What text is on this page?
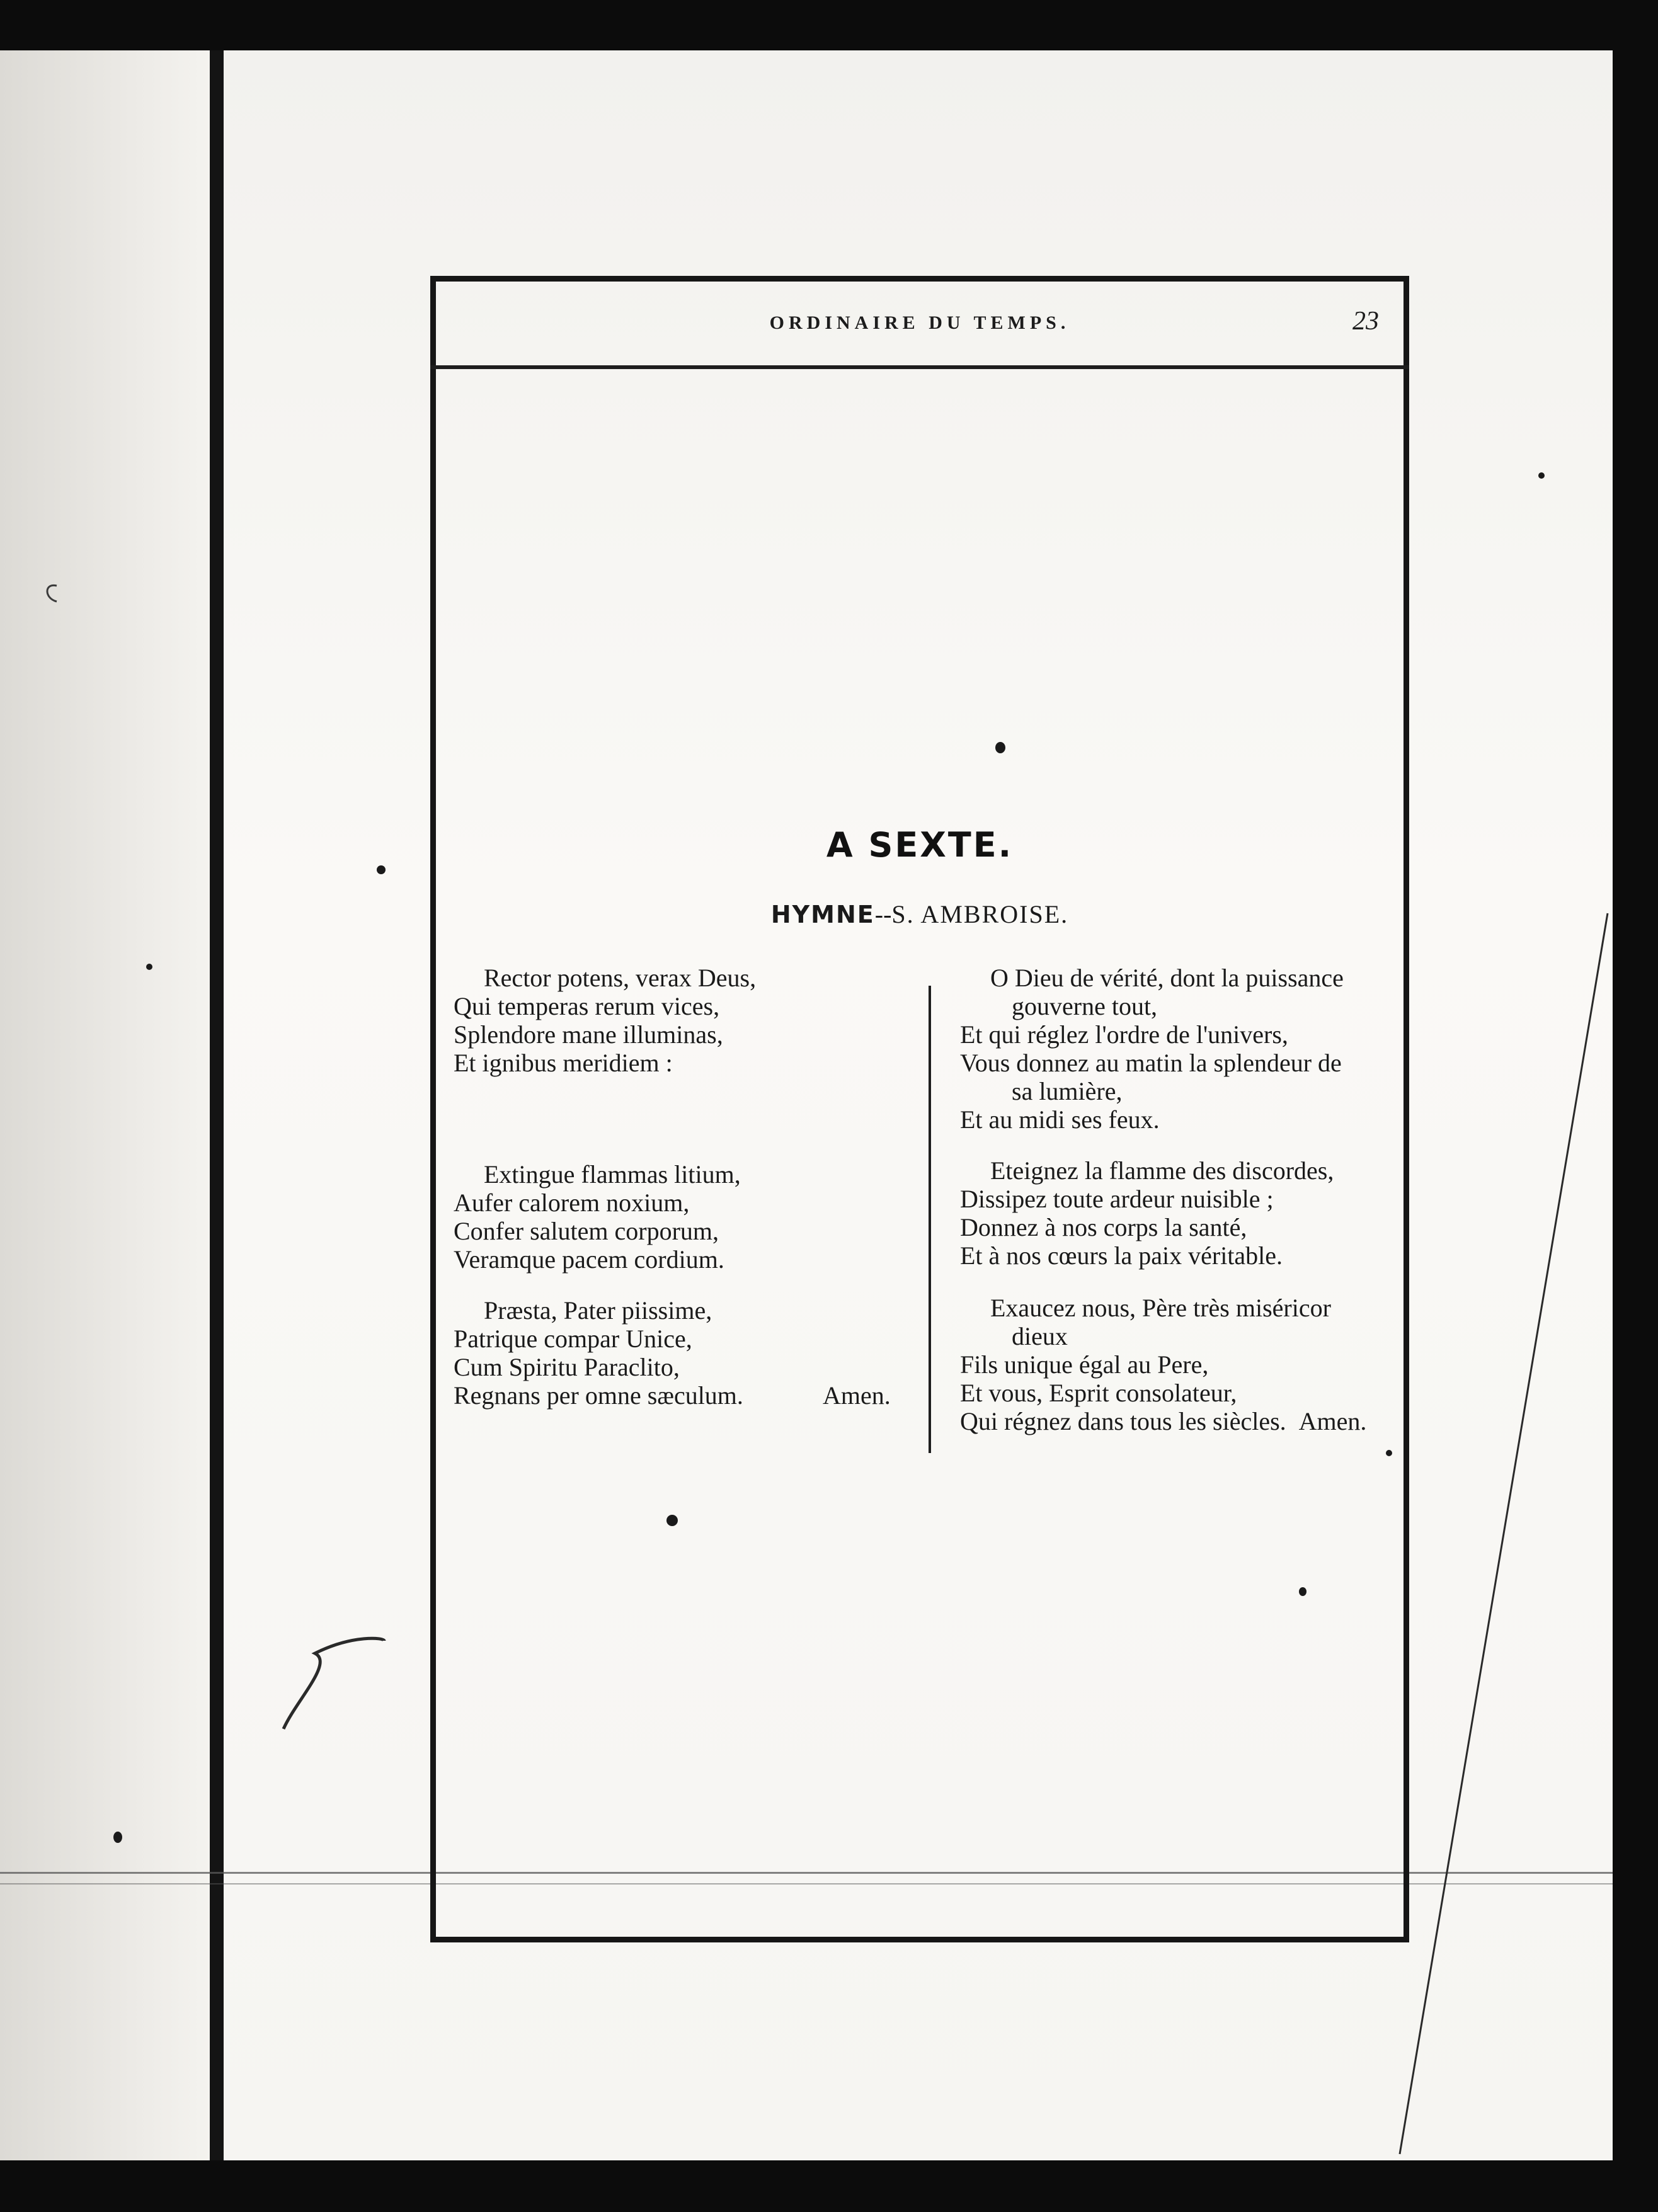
ORDINAIRE DU TEMPS.	23
A SEXTE.
HYMNE--S. AMBROISE.
Rector potens, verax Deus,
Qui temperas rerum vices,
Splendore mane illuminas,
Et ignibus meridiem :
Extingue flammas litium,
Aufer calorem noxium,
Confer salutem corporum,
Veramque pacem cordium.
Præsta, Pater piissime,
Patrique compar Unice,
Cum Spiritu Paraclito,
Regnans per omne sæculum.	Amen.
O Dieu de vérité, dont la puissance
gouverne tout,
Et qui réglez l'ordre de l'univers,
Vous donnez au matin la splendeur de
sa lumière,
Et au midi ses feux.
Eteignez la flamme des discordes,
Dissipez toute ardeur nuisible ;
Donnez à nos corps la santé,
Et à nos cœurs la paix véritable.
Exaucez nous, Père très miséricor
dieux
Fils unique égal au Pere,
Et vous, Esprit consolateur,
Qui régnez dans tous les siècles. Amen.
